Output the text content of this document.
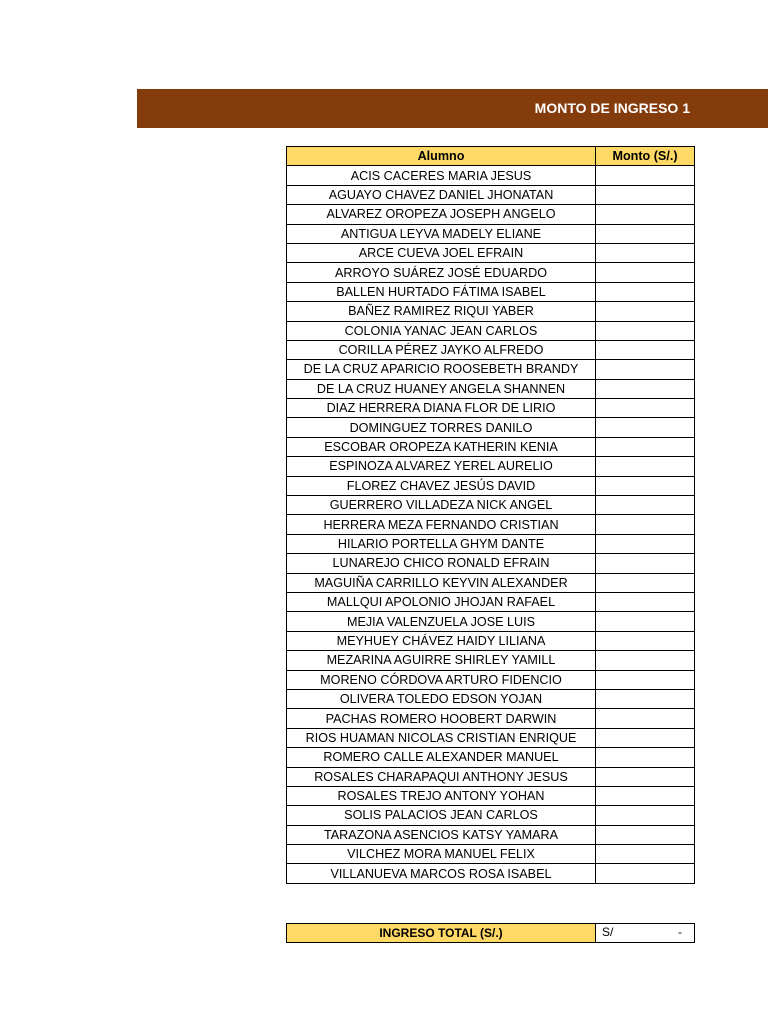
MONTO DE INGRESO 1
Alumno	Monto (S/.)
ACIS CACERES MARIA JESUS	
AGUAYO CHAVEZ DANIEL JHONATAN	
ALVAREZ OROPEZA JOSEPH ANGELO	
ANTIGUA LEYVA MADELY ELIANE	
ARCE CUEVA JOEL EFRAIN	
ARROYO SUÁREZ JOSÉ EDUARDO	
BALLEN HURTADO FÁTIMA ISABEL	
BAÑEZ RAMIREZ RIQUI YABER	
COLONIA YANAC JEAN CARLOS	
CORILLA PÉREZ JAYKO ALFREDO	
DE LA CRUZ APARICIO ROOSEBETH BRANDY	
DE LA CRUZ HUANEY ANGELA SHANNEN	
DIAZ HERRERA DIANA FLOR DE LIRIO	
DOMINGUEZ TORRES DANILO	
ESCOBAR OROPEZA KATHERIN KENIA	
ESPINOZA ALVAREZ YEREL AURELIO	
FLOREZ CHAVEZ JESÚS DAVID	
GUERRERO VILLADEZA NICK ANGEL	
HERRERA MEZA FERNANDO CRISTIAN	
HILARIO PORTELLA GHYM DANTE	
LUNAREJO CHICO RONALD EFRAIN	
MAGUIÑA CARRILLO KEYVIN ALEXANDER	
MALLQUI APOLONIO JHOJAN RAFAEL	
MEJIA VALENZUELA JOSE LUIS	
MEYHUEY CHÁVEZ HAIDY LILIANA	
MEZARINA AGUIRRE SHIRLEY YAMILL	
MORENO CÓRDOVA ARTURO FIDENCIO	
OLIVERA TOLEDO EDSON YOJAN	
PACHAS ROMERO HOOBERT DARWIN	
RIOS HUAMAN NICOLAS CRISTIAN ENRIQUE	
ROMERO CALLE ALEXANDER MANUEL	
ROSALES CHARAPAQUI ANTHONY JESUS	
ROSALES TREJO ANTONY YOHAN	
SOLIS PALACIOS JEAN CARLOS	
TARAZONA ASENCIOS KATSY YAMARA	
VILCHEZ MORA MANUEL FELIX	
VILLANUEVA MARCOS ROSA ISABEL	
INGRESO TOTAL (S/.)	S/	-
